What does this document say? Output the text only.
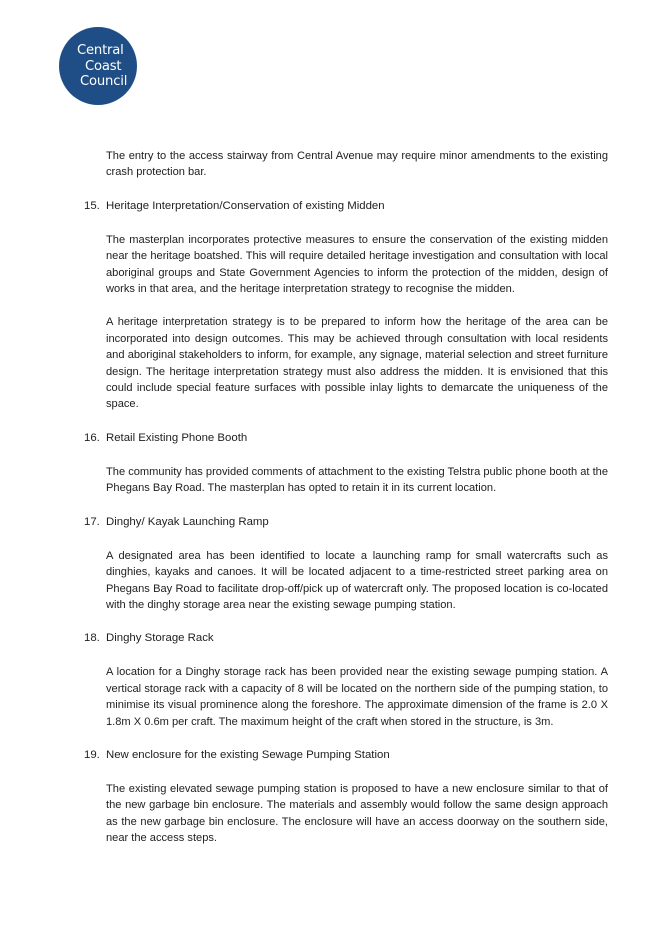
Central
Coast
Council

The entry to the access stairway from Central Avenue may require minor amendments to the existing crash protection bar.

15. Heritage Interpretation/Conservation of existing Midden

The masterplan incorporates protective measures to ensure the conservation of the existing midden near the heritage boatshed. This will require detailed heritage investigation and consultation with local aboriginal groups and State Government Agencies to inform the protection of the midden, design of works in that area, and the heritage interpretation strategy to recognise the midden.

A heritage interpretation strategy is to be prepared to inform how the heritage of the area can be incorporated into design outcomes. This may be achieved through consultation with local residents and aboriginal stakeholders to inform, for example, any signage, material selection and street furniture design. The heritage interpretation strategy must also address the midden. It is envisioned that this could include special feature surfaces with possible inlay lights to demarcate the uniqueness of the space.

16. Retail Existing Phone Booth

The community has provided comments of attachment to the existing Telstra public phone booth at the Phegans Bay Road. The masterplan has opted to retain it in its current location.

17. Dinghy/ Kayak Launching Ramp

A designated area has been identified to locate a launching ramp for small watercrafts such as dinghies, kayaks and canoes. It will be located adjacent to a time-restricted street parking area on Phegans Bay Road to facilitate drop-off/pick up of watercraft only. The proposed location is co-located with the dinghy storage area near the existing sewage pumping station.

18. Dinghy Storage Rack

A location for a Dinghy storage rack has been provided near the existing sewage pumping station. A vertical storage rack with a capacity of 8 will be located on the northern side of the pumping station, to minimise its visual prominence along the foreshore. The approximate dimension of the frame is 2.0 X 1.8m X 0.6m per craft. The maximum height of the craft when stored in the structure, is 3m.

19. New enclosure for the existing Sewage Pumping Station

The existing elevated sewage pumping station is proposed to have a new enclosure similar to that of the new garbage bin enclosure. The materials and assembly would follow the same design approach as the new garbage bin enclosure. The enclosure will have an access doorway on the southern side, near the access steps.
